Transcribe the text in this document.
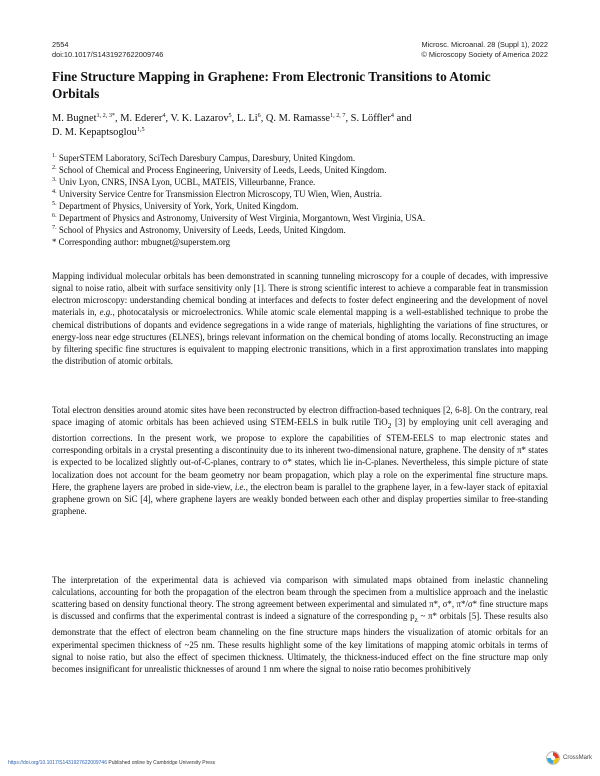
2554
doi:10.1017/S1431927622009746
Microsc. Microanal. 28 (Suppl 1), 2022
© Microscopy Society of America 2022
Fine Structure Mapping in Graphene: From Electronic Transitions to Atomic Orbitals
M. Bugnet$^{1, 2, 3*}$, M. Ederer$^4$, V. K. Lazarov$^5$, L. Li$^6$, Q. M. Ramasse$^{1, 2, 7}$, S. Löffler$^4$ and
D. M. Kepaptsoglou$^{1,5}$
$^{1.}$ SuperSTEM Laboratory, SciTech Daresbury Campus, Daresbury, United Kingdom.
$^{2.}$ School of Chemical and Process Engineering, University of Leeds, Leeds, United Kingdom.
$^{3.}$ Univ Lyon, CNRS, INSA Lyon, UCBL, MATEIS, Villeurbanne, France.
$^{4.}$ University Service Centre for Transmission Electron Microscopy, TU Wien, Wien, Austria.
$^{5.}$ Department of Physics, University of York, York, United Kingdom.
$^{6.}$ Department of Physics and Astronomy, University of West Virginia, Morgantown, West Virginia, USA.
$^{7.}$ School of Physics and Astronomy, University of Leeds, Leeds, United Kingdom.
* Corresponding author: mbugnet@superstem.org
Mapping individual molecular orbitals has been demonstrated in scanning tunneling microscopy for a couple of decades, with impressive signal to noise ratio, albeit with surface sensitivity only [1]. There is strong scientific interest to achieve a comparable feat in transmission electron microscopy: understanding chemical bonding at interfaces and defects to foster defect engineering and the development of novel materials in, e.g., photocatalysis or microelectronics. While atomic scale elemental mapping is a well-established technique to probe the chemical distributions of dopants and evidence segregations in a wide range of materials, highlighting the variations of fine structures, or energy-loss near edge structures (ELNES), brings relevant information on the chemical bonding of atoms locally. Reconstructing an image by filtering specific fine structures is equivalent to mapping electronic transitions, which in a first approximation translates into mapping the distribution of atomic orbitals.
Total electron densities around atomic sites have been reconstructed by electron diffraction-based techniques [2, 6-8]. On the contrary, real space imaging of atomic orbitals has been achieved using STEM-EELS in bulk rutile TiO$_2$ [3] by employing unit cell averaging and distortion corrections. In the present work, we propose to explore the capabilities of STEM-EELS to map electronic states and corresponding orbitals in a crystal presenting a discontinuity due to its inherent two-dimensional nature, graphene. The density of π* states is expected to be localized slightly out-of-C-planes, contrary to σ* states, which lie in-C-planes. Nevertheless, this simple picture of state localization does not account for the beam geometry nor beam propagation, which play a role on the experimental fine structure maps. Here, the graphene layers are probed in side-view, i.e., the electron beam is parallel to the graphene layer, in a few-layer stack of epitaxial graphene grown on SiC [4], where graphene layers are weakly bonded between each other and display properties similar to free-standing graphene.
The interpretation of the experimental data is achieved via comparison with simulated maps obtained from inelastic channeling calculations, accounting for both the propagation of the electron beam through the specimen from a multislice approach and the inelastic scattering based on density functional theory. The strong agreement between experimental and simulated π*, σ*, π*/σ* fine structure maps is discussed and confirms that the experimental contrast is indeed a signature of the corresponding $p_z$ ~ π* orbitals [5]. These results also demonstrate that the effect of electron beam channeling on the fine structure maps hinders the visualization of atomic orbitals for an experimental specimen thickness of ~25 nm. These results highlight some of the key limitations of mapping atomic orbitals in terms of signal to noise ratio, but also the effect of specimen thickness. Ultimately, the thickness-induced effect on the fine structure map only becomes insignificant for unrealistic thicknesses of around 1 nm where the signal to noise ratio becomes prohibitively
https://doi.org/10.1017/S1431927622009746 Published online by Cambridge University Press
CrossMark
